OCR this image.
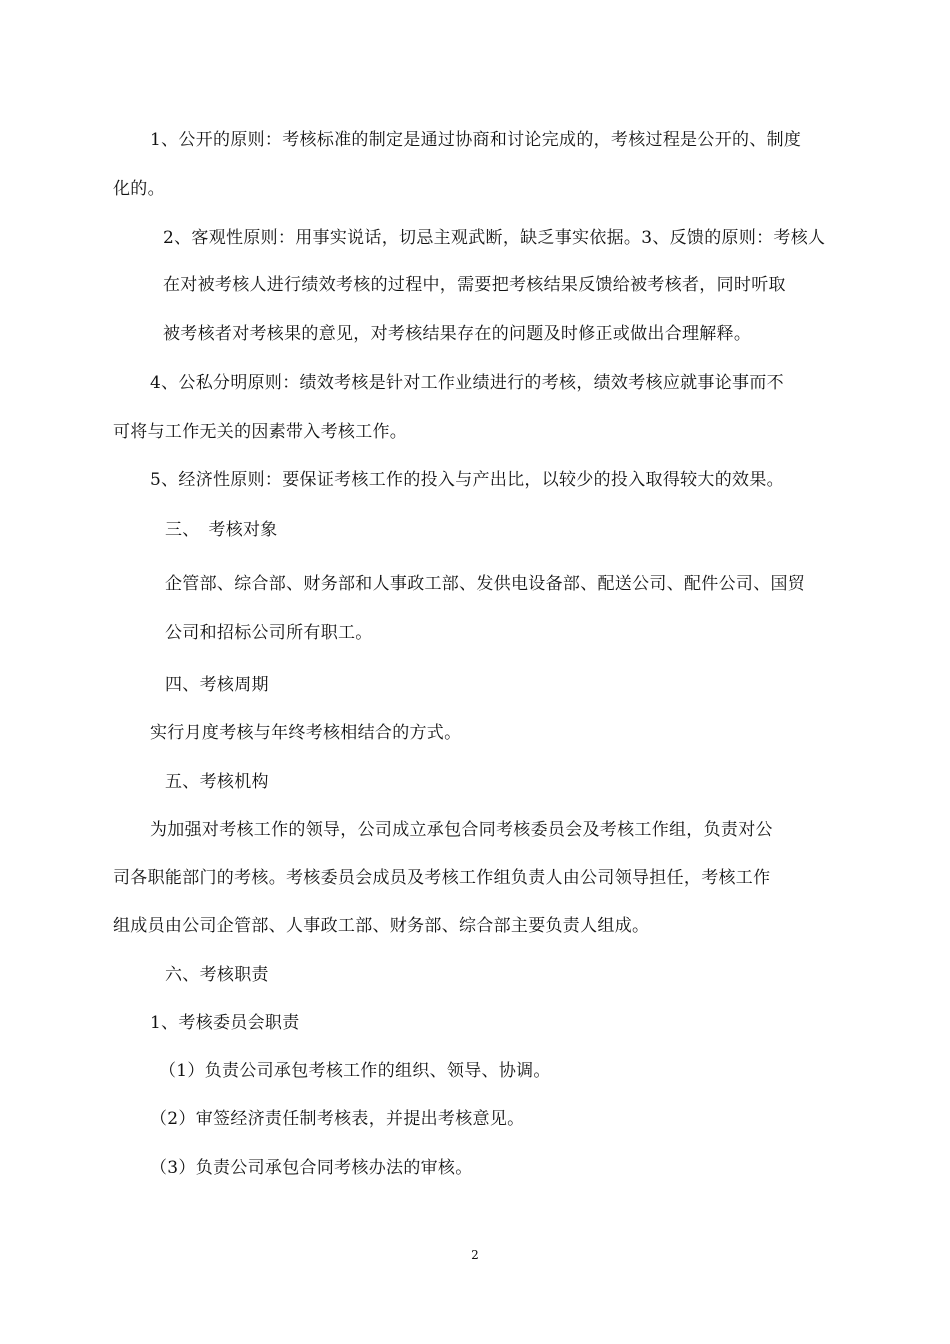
1、公开的原则：考核标准的制定是通过协商和讨论完成的，考核过程是公开的、制度
化的。
2、客观性原则：用事实说话，切忌主观武断，缺乏事实依据。3、反馈的原则：考核人
在对被考核人进行绩效考核的过程中，需要把考核结果反馈给被考核者，同时听取
被考核者对考核果的意见，对考核结果存在的问题及时修正或做出合理解释。
4、公私分明原则：绩效考核是针对工作业绩进行的考核，绩效考核应就事论事而不
可将与工作无关的因素带入考核工作。
5、经济性原则：要保证考核工作的投入与产出比，以较少的投入取得较大的效果。
三、　考核对象
企管部、综合部、财务部和人事政工部、发供电设备部、配送公司、配件公司、国贸
公司和招标公司所有职工。
四、考核周期
实行月度考核与年终考核相结合的方式。
五、考核机构
为加强对考核工作的领导，公司成立承包合同考核委员会及考核工作组，负责对公
司各职能部门的考核。考核委员会成员及考核工作组负责人由公司领导担任，考核工作
组成员由公司企管部、人事政工部、财务部、综合部主要负责人组成。
六、考核职责
1、考核委员会职责
（1）负责公司承包考核工作的组织、领导、协调。
（2）审签经济责任制考核表，并提出考核意见。
（3）负责公司承包合同考核办法的审核。
2
